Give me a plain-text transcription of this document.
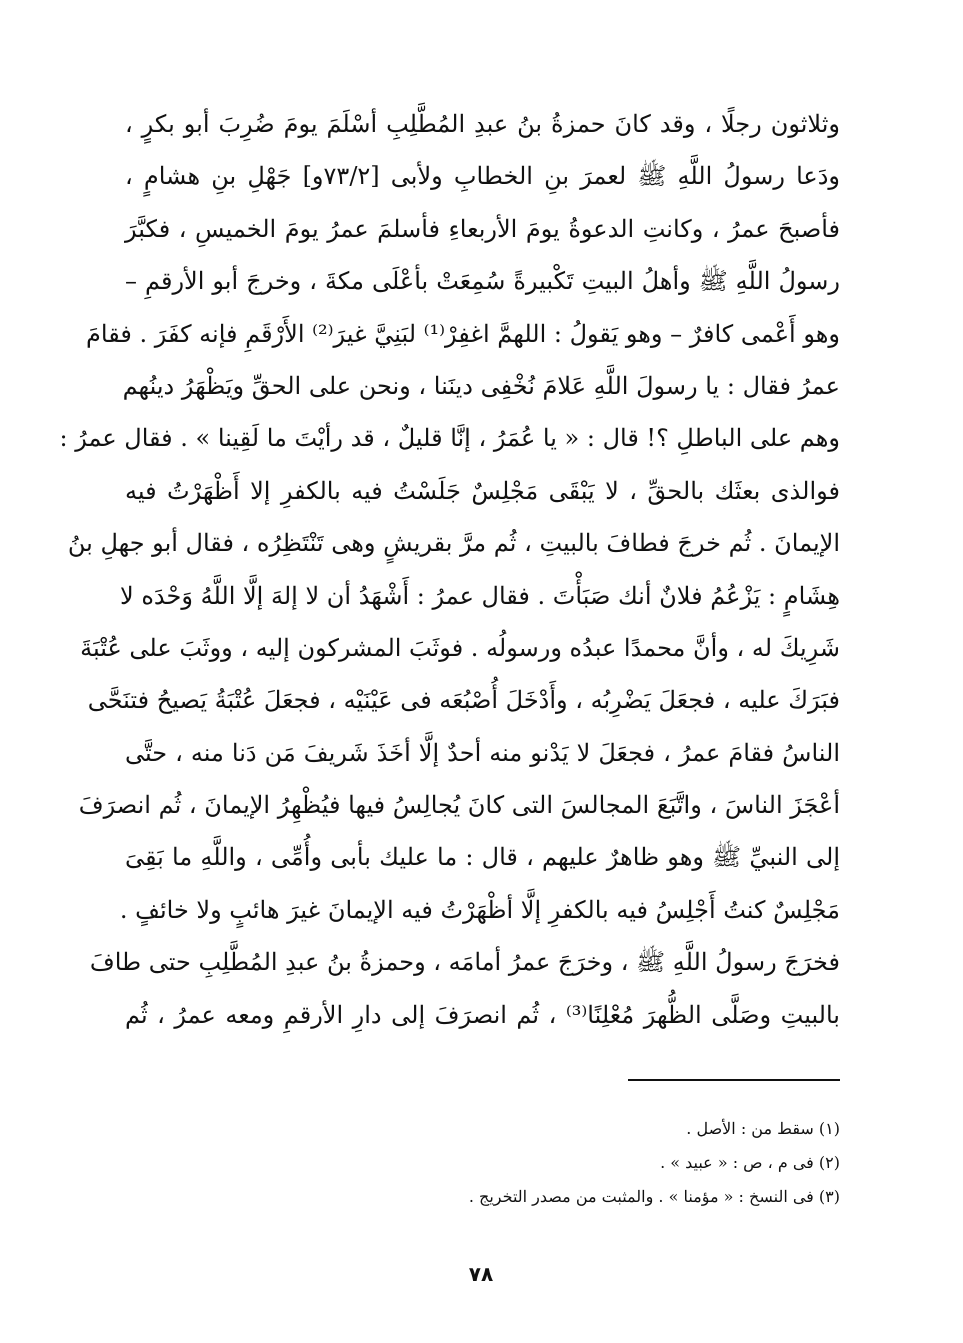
وثلاثون رجلًا ، وقد كانَ حمزةُ بنُ عبدِ المُطَّلِبِ أسْلَمَ يومَ ضُرِبَ أبو بكرٍ ،
ودَعا رسولُ اللَّهِ ﷺ لعمرَ بنِ الخطابِ ولأبى [٧٣/٢و] جَهْلِ بنِ هشامٍ ،
فأصبحَ عمرُ ، وكانتِ الدعوةُ يومَ الأربعاءِ فأسلمَ عمرُ يومَ الخميسِ ، فكبَّرَ
رسولُ اللَّهِ ﷺ وأهلُ البيتِ تَكْبيرةً سُمِعَتْ بأعْلَى مكةَ ، وخرجَ أبو الأرقمِ –
وهو أَعْمى كافرٌ – وهو يَقولُ : اللهمَّ اغفِرْ⁽¹⁾ لبَنِيَّ غيرَ⁽²⁾ الأَرْقَمِ فإنه كفَرَ . فقامَ
عمرُ فقال : يا رسولَ اللَّهِ عَلامَ نُخْفِى دينَنا ، ونحن على الحقِّ ويَظْهَرُ دينُهم
وهم على الباطلِ ؟! قال : « يا عُمَرُ ، إنَّا قليلٌ ، قد رأيْتَ ما لَقِينا » . فقال عمرُ :
فوالذى بعثَك بالحقِّ ، لا يَبْقَى مَجْلِسٌ جَلَسْتُ فيه بالكفرِ إلا أَظْهَرْتُ فيه
الإيمانَ . ثُم خرجَ فطافَ بالبيتِ ، ثُم مرَّ بقريشٍ وهى تَنْتَظِرُه ، فقال أبو جهلِ بنُ
هِشَامٍ : يَزْعُمُ فلانٌ أنك صَبَأْتَ . فقال عمرُ : أَشْهَدُ أن لا إلهَ إلَّا اللَّهُ وَحْدَه لا
شَرِيكَ له ، وأنَّ محمدًا عبدُه ورسولُه . فوثَبَ المشركون إليه ، ووثَبَ على عُتْبَةَ
فبَرَكَ عليه ، فجعَلَ يَضْرِبُه ، وأَدْخَلَ أُصْبُعَه فى عَيْنَيْه ، فجعَلَ عُتْبَةُ يَصيحُ فتنَحَّى
الناسُ فقامَ عمرُ ، فجعَلَ لا يَدْنو منه أحدٌ إلَّا أخَذَ شَريفَ مَن دَنا منه ، حتَّى
أعْجَزَ الناسَ ، واتَّبَعَ المجالسَ التى كانَ يُجالِسُ فيها فيُظْهِرُ الإيمانَ ، ثُم انصرَفَ
إلى النبيِّ ﷺ وهو ظاهرٌ عليهم ، قال : ما عليك بأبى وأُمِّى ، واللَّهِ ما بَقِىَ
مَجْلِسٌ كنتُ أَجْلِسُ فيه بالكفرِ إلَّا أظْهَرْتُ فيه الإيمانَ غيرَ هائبٍ ولا خائفٍ .
فخرَجَ رسولُ اللَّهِ ﷺ ، وخرَجَ عمرُ أمامَه ، وحمزةُ بنُ عبدِ المُطَّلِبِ حتى طافَ
بالبيتِ وصَلَّى الظُّهرَ مُعْلِنًا⁽³⁾ ، ثُم انصرَفَ إلى دارِ الأرقمِ ومعه عمرُ ، ثُم
(١) سقط من : الأصل .
(٢) فى م ، ص : « عبيد » .
(٣) فى النسخ : « مؤمنا » . والمثبت من مصدر التخريج .
٧٨
